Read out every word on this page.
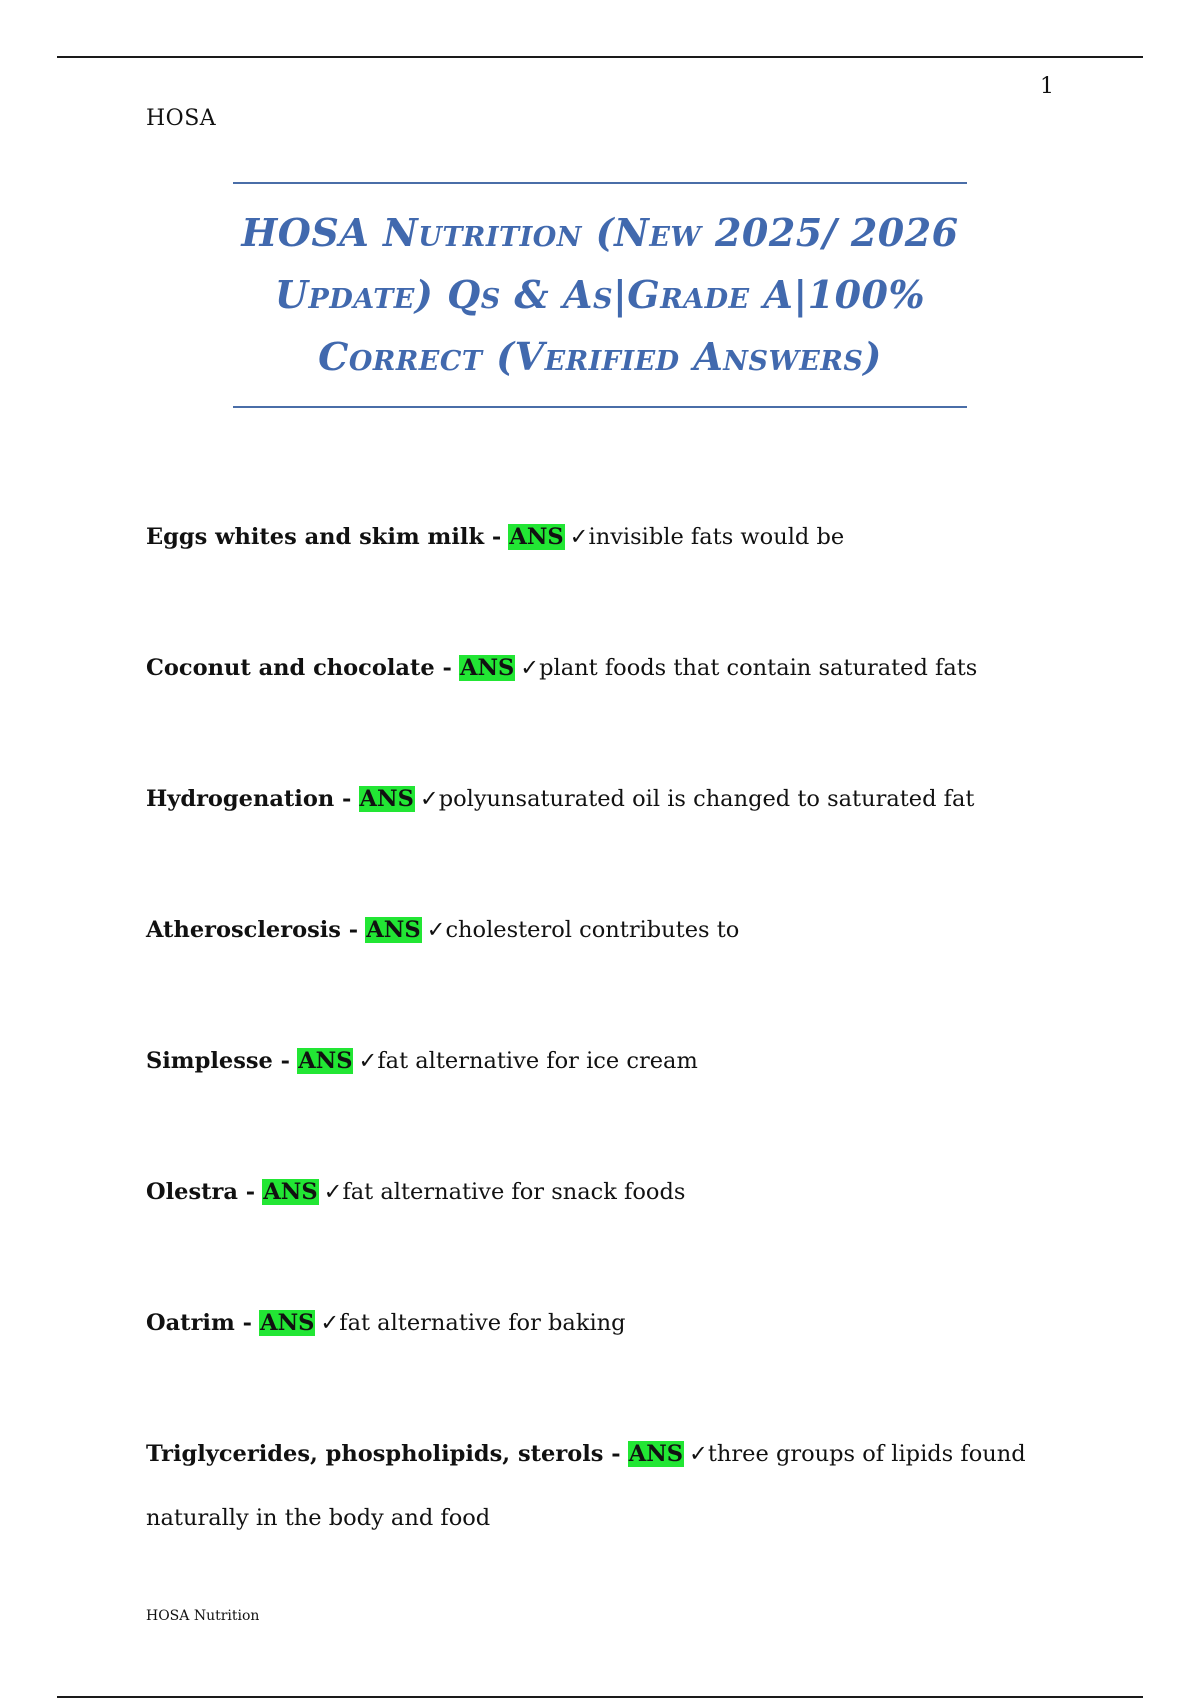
1
HOSA
HOSA Nutrition (New 2025/ 2026
Update) Qs & As|Grade A|100%
Correct (Verified Answers)
Eggs whites and skim milk - ANS ✓invisible fats would be
Coconut and chocolate - ANS ✓plant foods that contain saturated fats
Hydrogenation - ANS ✓polyunsaturated oil is changed to saturated fat
Atherosclerosis - ANS ✓cholesterol contributes to
Simplesse - ANS ✓fat alternative for ice cream
Olestra - ANS ✓fat alternative for snack foods
Oatrim - ANS ✓fat alternative for baking
Triglycerides, phospholipids, sterols - ANS ✓three groups of lipids found naturally in the body and food
HOSA Nutrition
